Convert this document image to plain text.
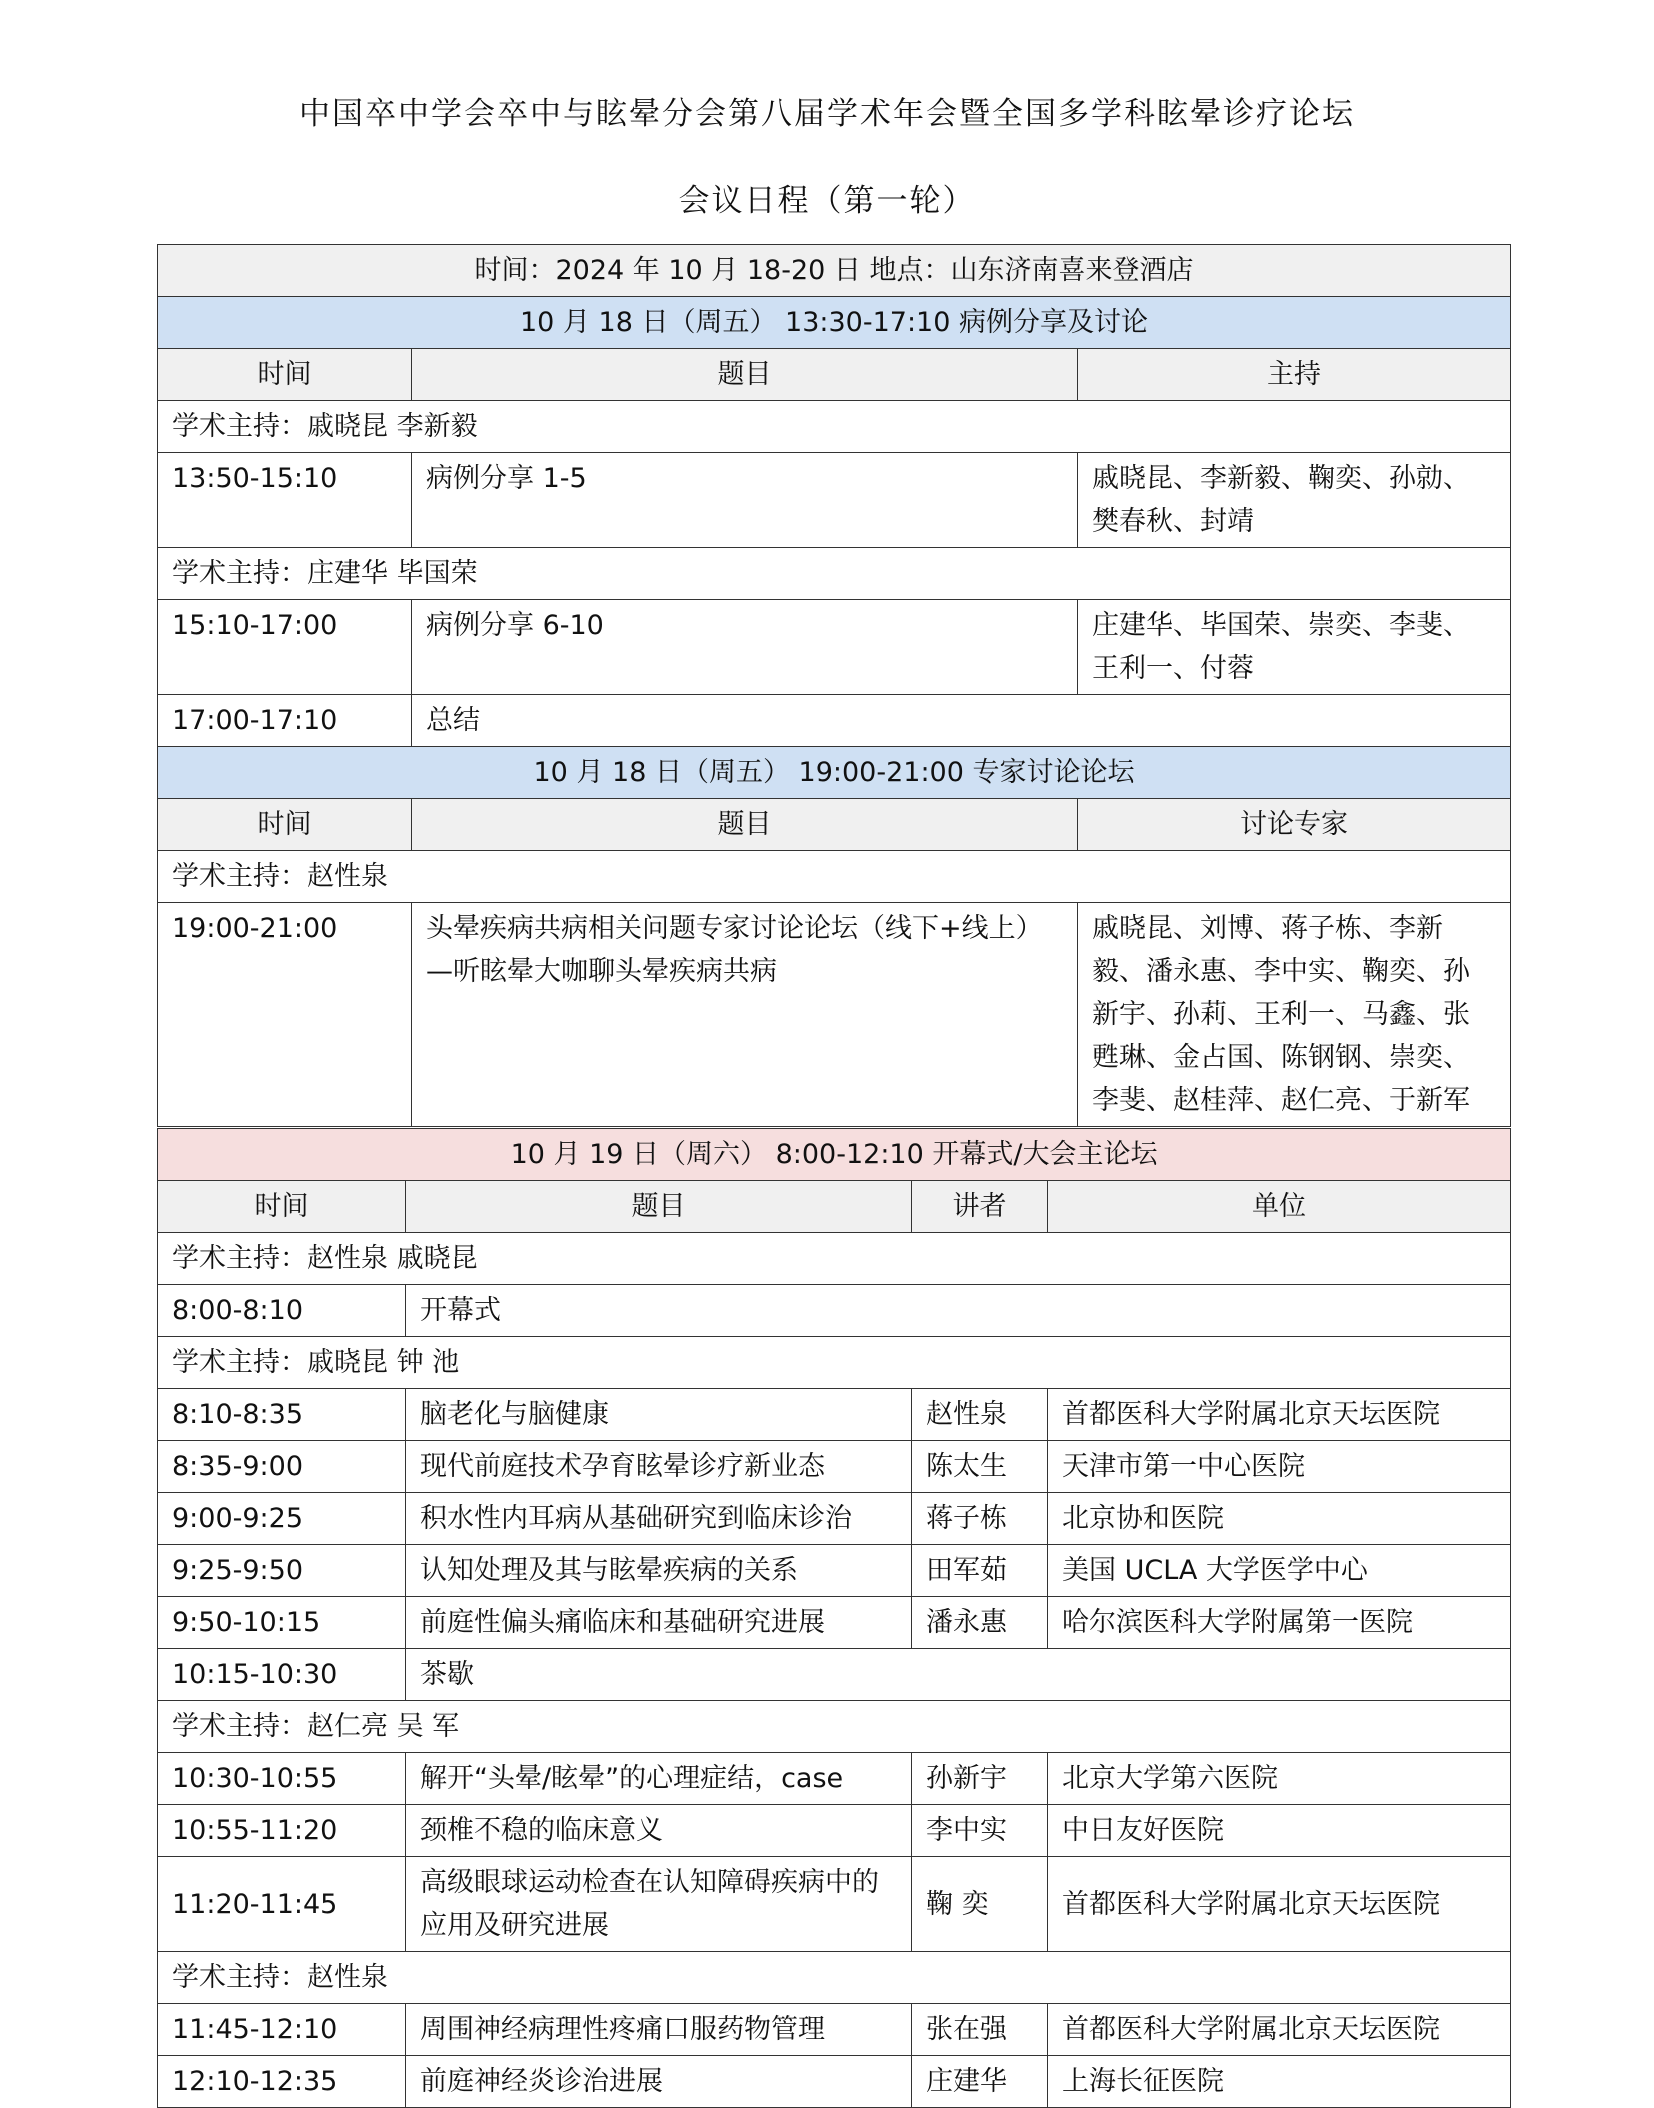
中国卒中学会卒中与眩晕分会第八届学术年会暨全国多学科眩晕诊疗论坛
会议日程（第一轮）
时间：2024 年 10 月 18-20 日 地点：山东济南喜来登酒店		
10 月 18 日（周五） 13:30-17:10 病例分享及讨论		
时间	题目	主持
学术主持：戚晓昆 李新毅		
13:50-15:10	病例分享 1-5	戚晓昆、李新毅、鞠奕、孙勍、樊春秋、封靖
学术主持：庄建华 毕国荣		
15:10-17:00	病例分享 6-10	庄建华、毕国荣、崇奕、李斐、王利一、付蓉
17:00-17:10	总结	
10 月 18 日（周五） 19:00-21:00 专家讨论论坛		
时间	题目	讨论专家
学术主持：赵性泉		
19:00-21:00	头晕疾病共病相关问题专家讨论论坛（线下+线上）—听眩晕大咖聊头晕疾病共病	戚晓昆、刘博、蒋子栋、李新毅、潘永惠、李中实、鞠奕、孙新宇、孙莉、王利一、马鑫、张甦琳、金占国、陈钢钢、崇奕、李斐、赵桂萍、赵仁亮、于新军
10 月 19 日（周六） 8:00-12:10 开幕式/大会主论坛			
时间	题目	讲者	单位
学术主持：赵性泉 戚晓昆			
8:00-8:10	开幕式		
学术主持：戚晓昆 钟 池			
8:10-8:35	脑老化与脑健康	赵性泉	首都医科大学附属北京天坛医院
8:35-9:00	现代前庭技术孕育眩晕诊疗新业态	陈太生	天津市第一中心医院
9:00-9:25	积水性内耳病从基础研究到临床诊治	蒋子栋	北京协和医院
9:25-9:50	认知处理及其与眩晕疾病的关系	田军茹	美国 UCLA 大学医学中心
9:50-10:15	前庭性偏头痛临床和基础研究进展	潘永惠	哈尔滨医科大学附属第一医院
10:15-10:30	茶歇		
学术主持：赵仁亮 吴 军			
10:30-10:55	解开“头晕/眩晕”的心理症结，case	孙新宇	北京大学第六医院
10:55-11:20	颈椎不稳的临床意义	李中实	中日友好医院
11:20-11:45	高级眼球运动检查在认知障碍疾病中的应用及研究进展	鞠 奕	首都医科大学附属北京天坛医院
学术主持：赵性泉			
11:45-12:10	周围神经病理性疼痛口服药物管理	张在强	首都医科大学附属北京天坛医院
12:10-12:35	前庭神经炎诊治进展	庄建华	上海长征医院
